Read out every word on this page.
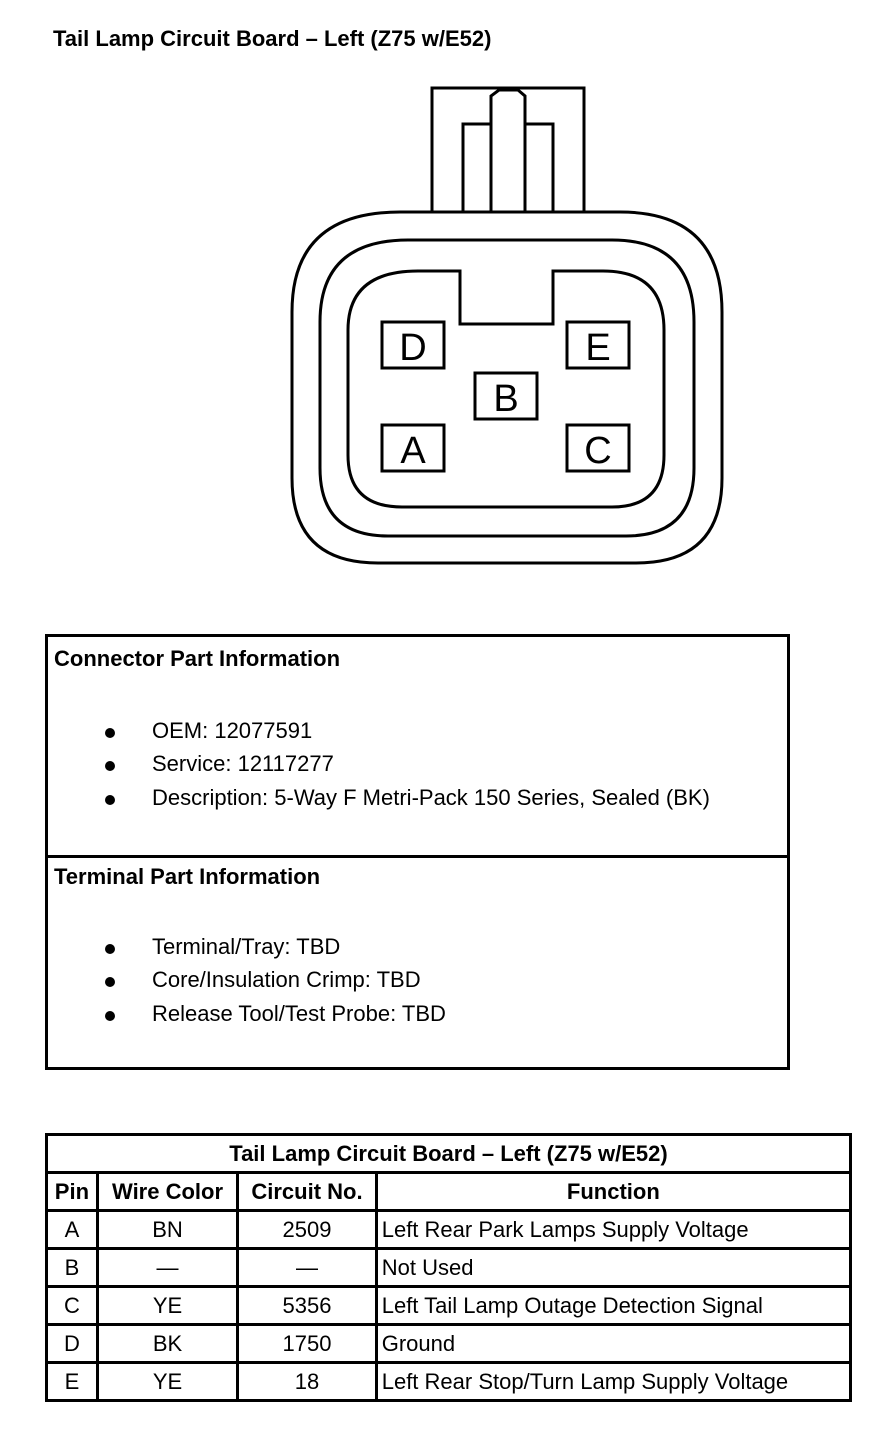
Tail Lamp Circuit Board – Left (Z75 w/E52)
D	E
B
A	C
Connector Part Information
OEM: 12077591
Service: 12117277
Description: 5-Way F Metri-Pack 150 Series, Sealed (BK)
Terminal Part Information
Terminal/Tray: TBD
Core/Insulation Crimp: TBD
Release Tool/Test Probe: TBD
Tail Lamp Circuit Board – Left (Z75 w/E52)			
Pin	Wire Color	Circuit No.	Function
A	BN	2509	Left Rear Park Lamps Supply Voltage
B	—	—	Not Used
C	YE	5356	Left Tail Lamp Outage Detection Signal
D	BK	1750	Ground
E	YE	18	Left Rear Stop/Turn Lamp Supply Voltage
